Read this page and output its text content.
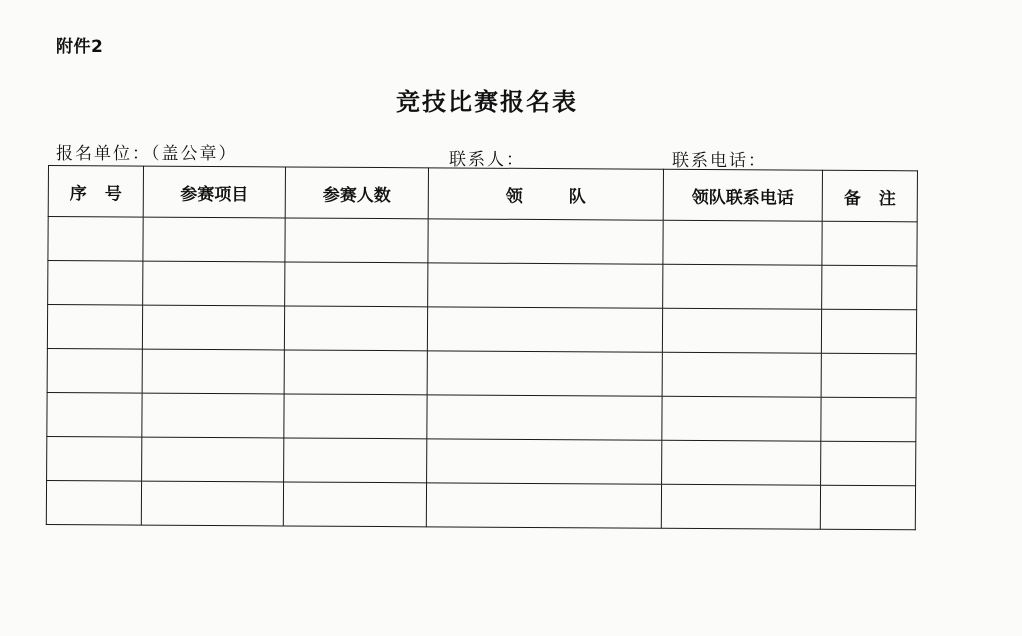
附件2
竞技比赛报名表
报名单位：（盖公章）	联系人：	联系电话：
序号	参赛项目	参赛人数	领队	领队联系电话	备注
